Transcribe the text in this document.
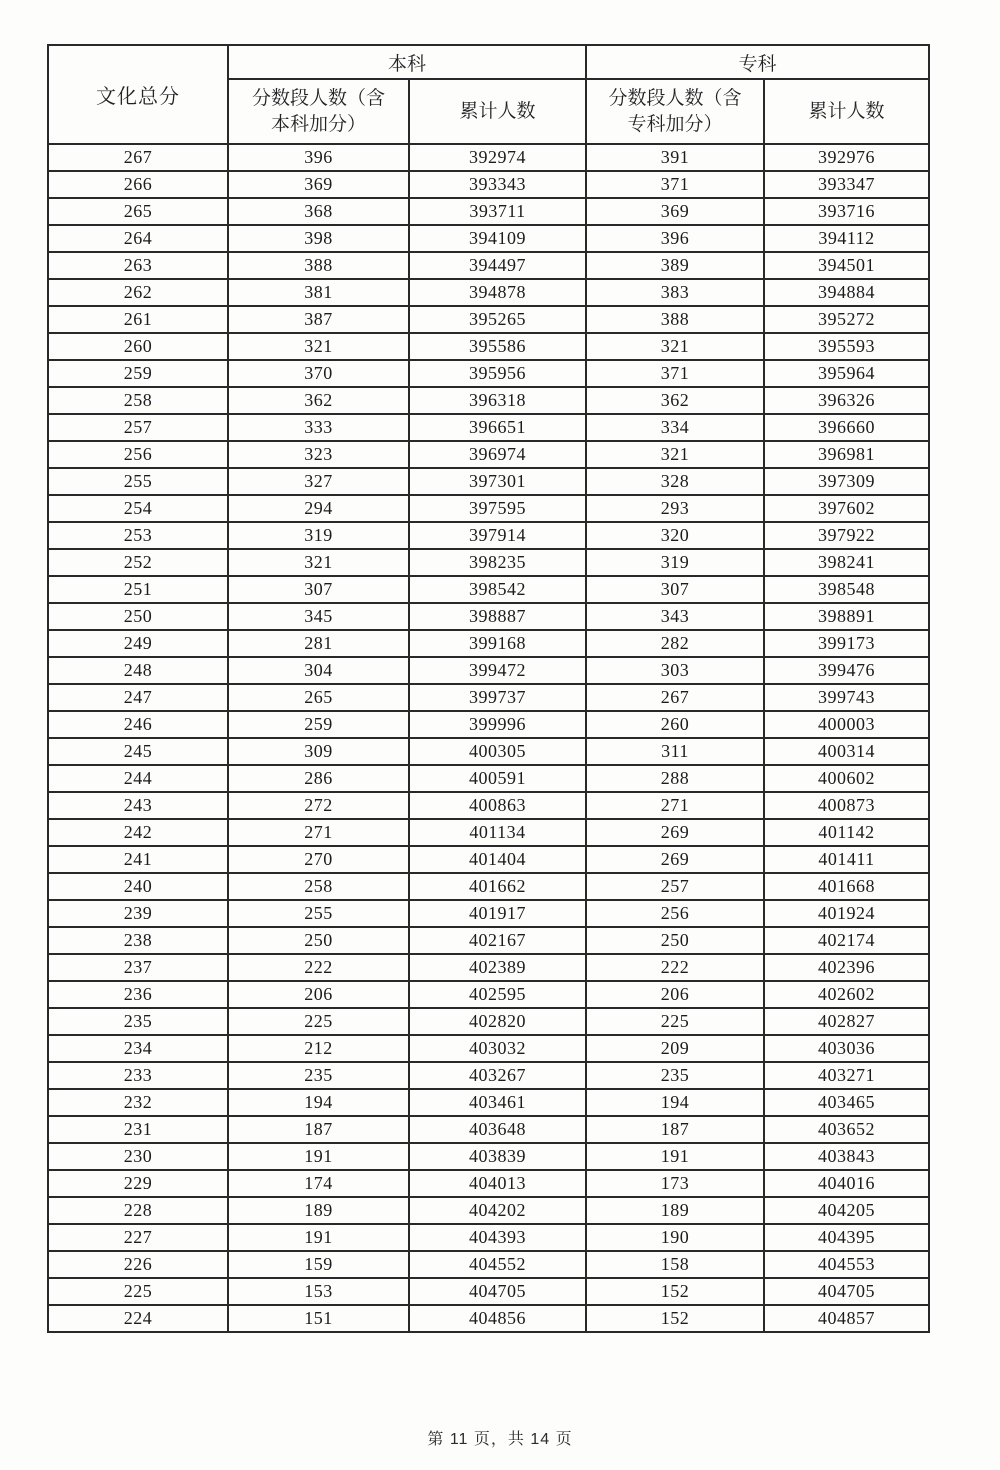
文化总分	本科		专科	
	分数段人数（含
本科加分）	累计人数	分数段人数（含
专科加分）	累计人数
267	396	392974	391	392976
266	369	393343	371	393347
265	368	393711	369	393716
264	398	394109	396	394112
263	388	394497	389	394501
262	381	394878	383	394884
261	387	395265	388	395272
260	321	395586	321	395593
259	370	395956	371	395964
258	362	396318	362	396326
257	333	396651	334	396660
256	323	396974	321	396981
255	327	397301	328	397309
254	294	397595	293	397602
253	319	397914	320	397922
252	321	398235	319	398241
251	307	398542	307	398548
250	345	398887	343	398891
249	281	399168	282	399173
248	304	399472	303	399476
247	265	399737	267	399743
246	259	399996	260	400003
245	309	400305	311	400314
244	286	400591	288	400602
243	272	400863	271	400873
242	271	401134	269	401142
241	270	401404	269	401411
240	258	401662	257	401668
239	255	401917	256	401924
238	250	402167	250	402174
237	222	402389	222	402396
236	206	402595	206	402602
235	225	402820	225	402827
234	212	403032	209	403036
233	235	403267	235	403271
232	194	403461	194	403465
231	187	403648	187	403652
230	191	403839	191	403843
229	174	404013	173	404016
228	189	404202	189	404205
227	191	404393	190	404395
226	159	404552	158	404553
225	153	404705	152	404705
224	151	404856	152	404857
第 11 页，共 14 页
